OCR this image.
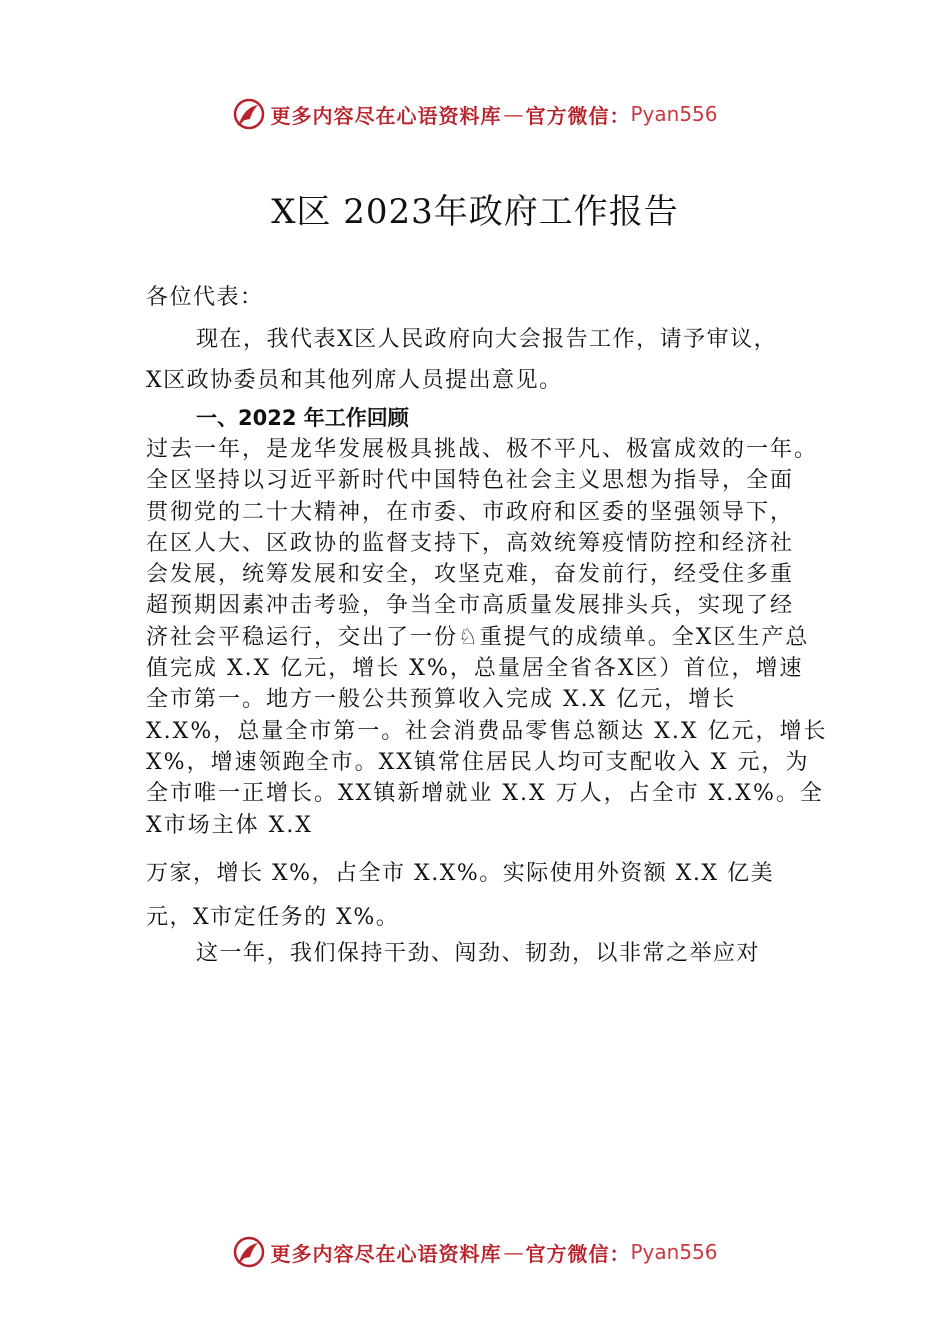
更多内容尽在心语资料库 — 官方微信： Pyan556
X区 2023年政府工作报告
各位代表：
现在，我代表X区人民政府向大会报告工作，请予审议，
X区政协委员和其他列席人员提出意见。
一、2022 年工作回顾
过去一年，是龙华发展极具挑战、极不平凡、极富成效的一年。
全区坚持以习近平新时代中国特色社会主义思想为指导，全面
贯彻党的二十大精神，在市委、市政府和区委的坚强领导下，
在区人大、区政协的监督支持下，高效统筹疫情防控和经济社
会发展，统筹发展和安全，攻坚克难，奋发前行，经受住多重
超预期因素冲击考验，争当全市高质量发展排头兵，实现了经
济社会平稳运行，交出了一份♘重提气的成绩单。全X区生产总
值完成 X.X 亿元，增长 X%，总量居全省各X区）首位，增速
全市第一。地方一般公共预算收入完成 X.X 亿元，增长
X.X%，总量全市第一。社会消费品零售总额达 X.X 亿元，增长
X%，增速领跑全市。XX镇常住居民人均可支配收入 X 元，为
全市唯一正增长。XX镇新增就业 X.X 万人，占全市 X.X%。全
X市场主体 X.X
万家，增长 X%，占全市 X.X%。实际使用外资额 X.X 亿美
元，X市定任务的 X%。
这一年，我们保持干劲、闯劲、韧劲，以非常之举应对
更多内容尽在心语资料库 — 官方微信： Pyan556
